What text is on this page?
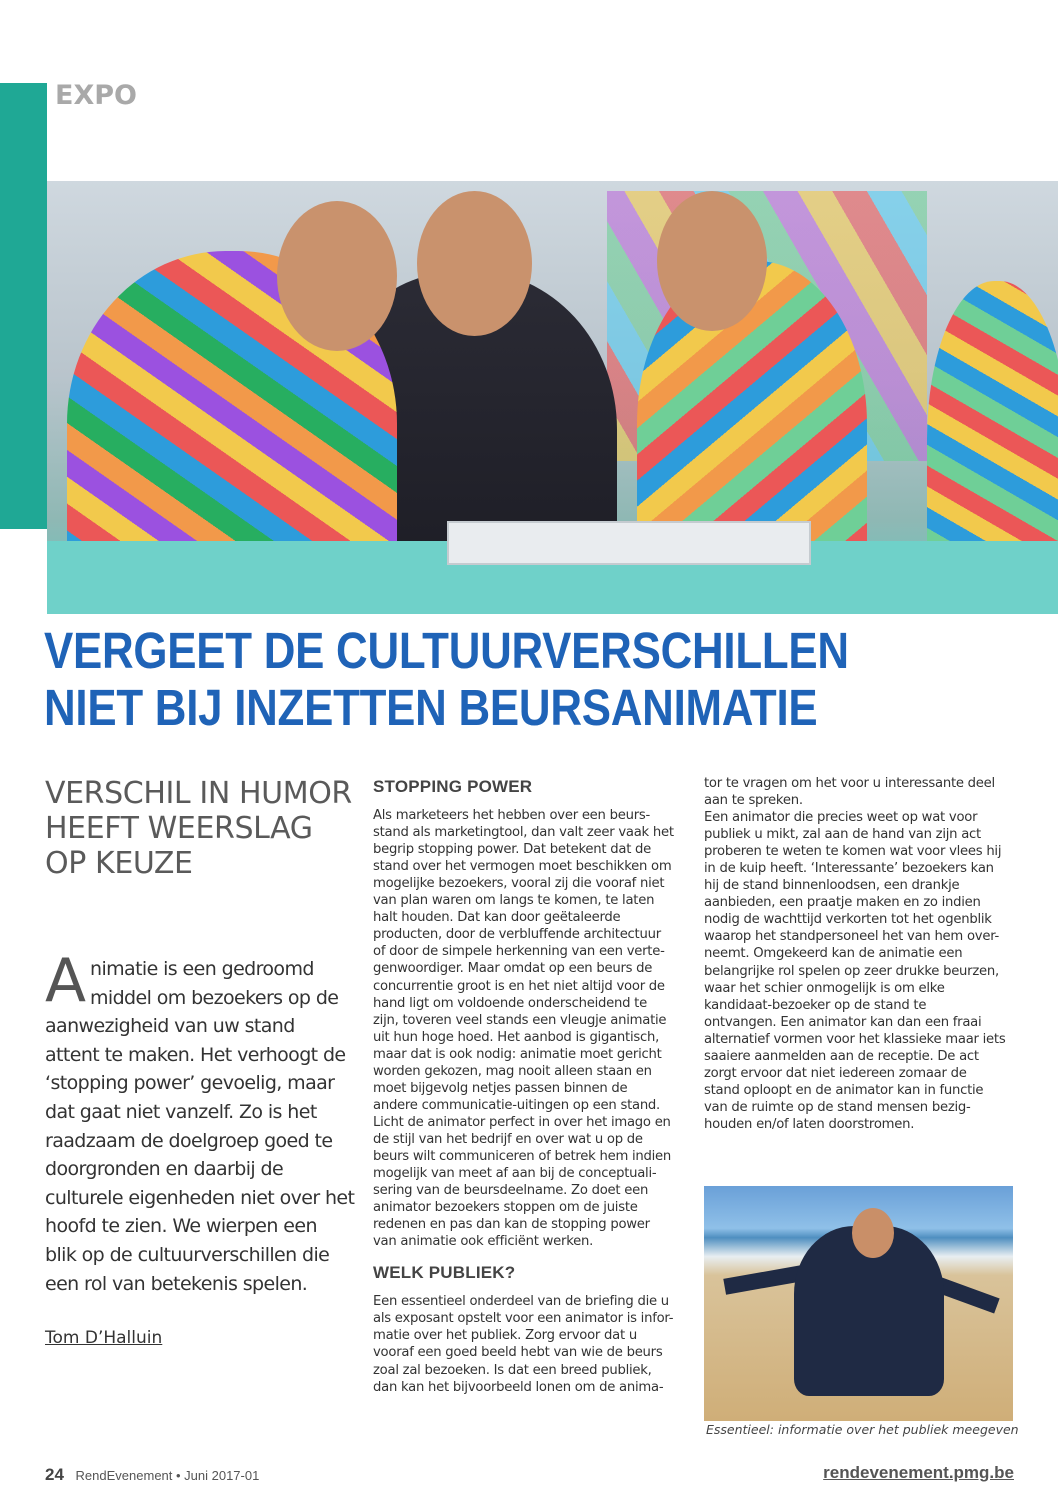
EXPO
VERGEET DE CULTUURVERSCHILLEN
NIET BIJ INZETTEN BEURSANIMATIE
VERSCHIL IN HUMOR
HEEFT WEERSLAG
OP KEUZE
A nimatie is een gedroomd
middel om bezoekers op de
aanwezigheid van uw stand
attent te maken. Het verhoogt de
‘stopping power’ gevoelig, maar
dat gaat niet vanzelf. Zo is het
raadzaam de doelgroep goed te
doorgronden en daarbij de
culturele eigenheden niet over het
hoofd te zien. We wierpen een
blik op de cultuurverschillen die
een rol van betekenis spelen.

Tom D’Halluin

STOPPING POWER
Als marketeers het hebben over een beurs-
stand als marketingtool, dan valt zeer vaak het
begrip stopping power. Dat betekent dat de
stand over het vermogen moet beschikken om
mogelijke bezoekers, vooral zij die vooraf niet
van plan waren om langs te komen, te laten
halt houden. Dat kan door geëtaleerde
producten, door de verbluffende architectuur
of door de simpele herkenning van een verte-
genwoordiger. Maar omdat op een beurs de
concurrentie groot is en het niet altijd voor de
hand ligt om voldoende onderscheidend te
zijn, toveren veel stands een vleugje animatie
uit hun hoge hoed. Het aanbod is gigantisch,
maar dat is ook nodig: animatie moet gericht
worden gekozen, mag nooit alleen staan en
moet bijgevolg netjes passen binnen de
andere communicatie-uitingen op een stand.
Licht de animator perfect in over het imago en
de stijl van het bedrijf en over wat u op de
beurs wilt communiceren of betrek hem indien
mogelijk van meet af aan bij de conceptuali-
sering van de beursdeelname. Zo doet een
animator bezoekers stoppen om de juiste
redenen en pas dan kan de stopping power
van animatie ook efficiënt werken.
WELK PUBLIEK?
Een essentieel onderdeel van de briefing die u
als exposant opstelt voor een animator is infor-
matie over het publiek. Zorg ervoor dat u
vooraf een goed beeld hebt van wie de beurs
zoal zal bezoeken. Is dat een breed publiek,
dan kan het bijvoorbeeld lonen om de anima-
tor te vragen om het voor u interessante deel
aan te spreken.
Een animator die precies weet op wat voor
publiek u mikt, zal aan de hand van zijn act
proberen te weten te komen wat voor vlees hij
in de kuip heeft. ‘Interessante’ bezoekers kan
hij de stand binnenloodsen, een drankje
aanbieden, een praatje maken en zo indien
nodig de wachttijd verkorten tot het ogenblik
waarop het standpersoneel het van hem over-
neemt. Omgekeerd kan de animatie een
belangrijke rol spelen op zeer drukke beurzen,
waar het schier onmogelijk is om elke
kandidaat-bezoeker op de stand te
ontvangen. Een animator kan dan een fraai
alternatief vormen voor het klassieke maar iets
saaiere aanmelden aan de receptie. De act
zorgt ervoor dat niet iedereen zomaar de
stand oploopt en de animator kan in functie
van de ruimte op de stand mensen bezig-
houden en/of laten doorstromen.

Essentieel: informatie over het publiek meegeven

24 RendEvenement • Juni 2017-01	rendevenement.pmg.be
